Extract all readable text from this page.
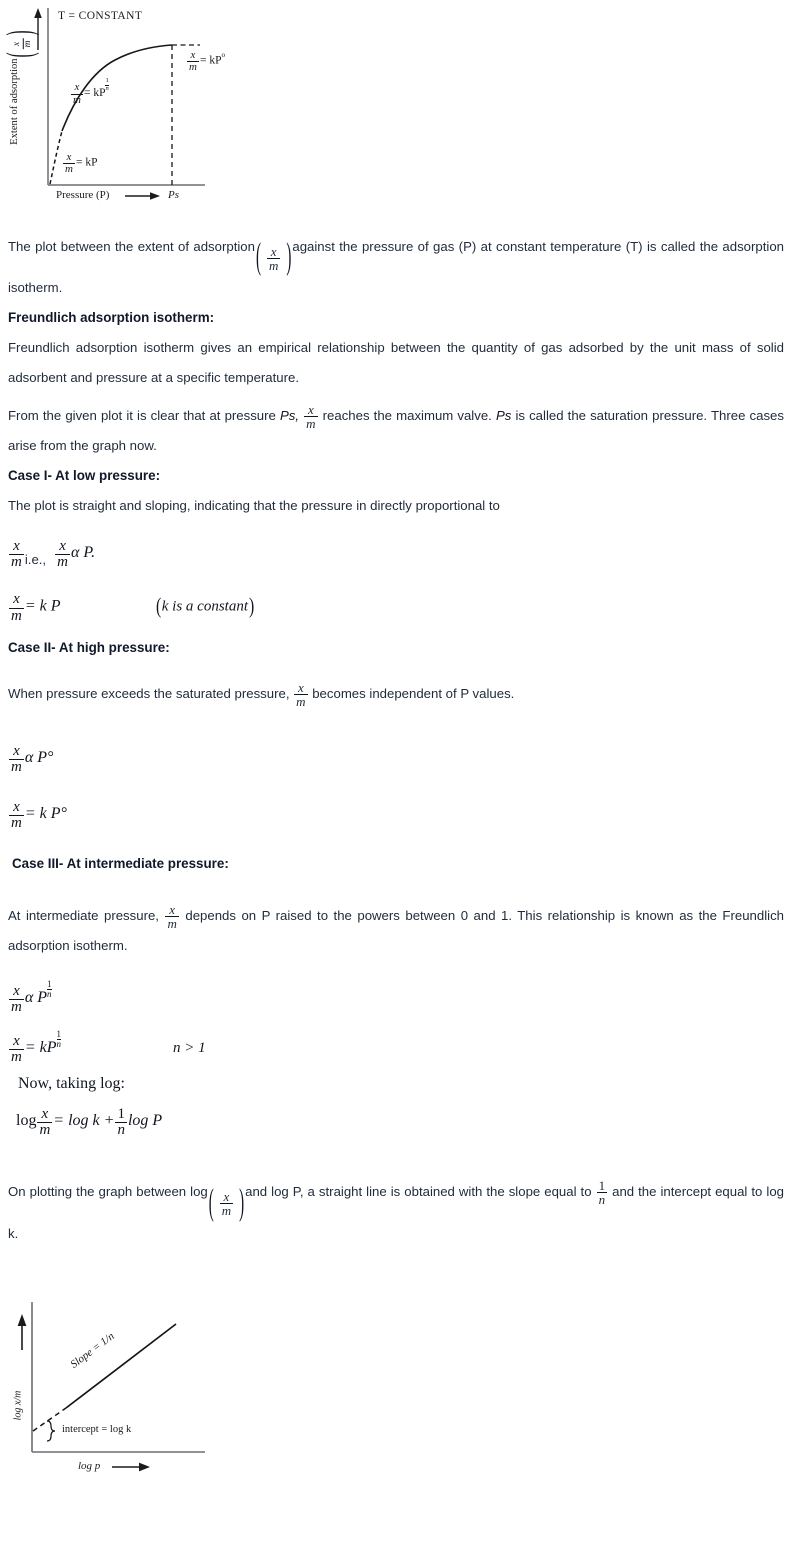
T = CONSTANT
Extent of adsorption
( x m
)
Pressure (P)	Ps
$\frac{x}{m}$ = kP
$\frac{x}{m}$ = kP
$\frac{1}{n}$
$\frac{x}{m} = kP^o$

The plot between the extent of adsorption ( $\frac{x}{m}$
) against the pressure of gas (P) at constant temperature (T) is called the adsorption isotherm.

Freundlich adsorption isotherm:

Freundlich adsorption isotherm gives an empirical relationship between the quantity of gas adsorbed by the unit mass of solid adsorbent and pressure at a specific temperature.

From the given plot it is clear that at pressure Ps, $\frac{x}{m}$ reaches the maximum valve. Ps is called the saturation pressure. Three cases arise from the graph now.

Case I- At low pressure:

The plot is straight and sloping, indicating that the pressure in directly proportional to

$\frac{x}{m} _{i.e.,} \frac{x}{m}$ α P.
$\frac{x}{m} = k$ P	(k is a constant)

Case II- At high pressure:

When pressure exceeds the saturated pressure, $\frac{x}{m}$ becomes independent of P values.

$\frac{x}{m}$ α P°
$\frac{x}{m} = k$ P°

Case III- At intermediate pressure:

At intermediate pressure, $\frac{x}{m}$ depends on P raised to the powers between 0 and 1. This relationship is known as the Freundlich adsorption isotherm.

$\frac{x}{m}$ α P $\frac{1}{n}$
$\frac{x}{m}$ = kP $\frac{1}{n}$	n > 1
Now, taking log:
$\log \frac{x}{m} = \log k + \frac{1}{n}$ log P

On plotting the graph between log ( $\frac{x}{m}$
) and log P, a straight line is obtained with the slope equal to $\frac{1}{n}$ and the intercept equal to log k.

log x/m
log p
Slope = 1/n
intercept = log k
